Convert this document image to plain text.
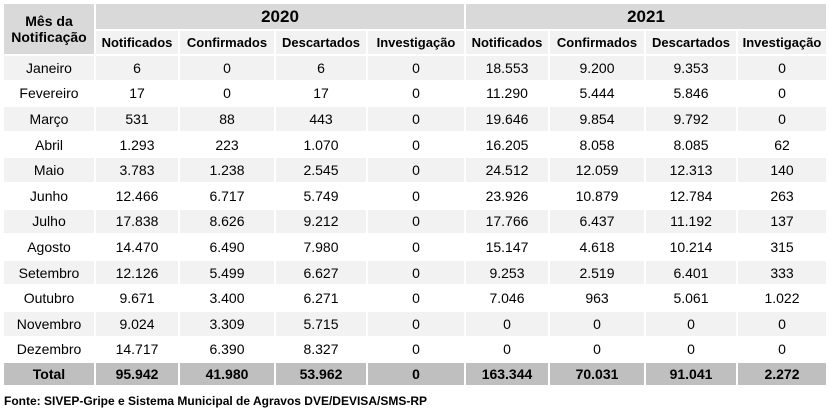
Mês da Notificação	2020				2021			
	Notificados	Confirmados	Descartados	Investigação	Notificados	Confirmados	Descartados	Investigação
Janeiro	6	0	6	0	18.553	9.200	9.353	0
Fevereiro	17	0	17	0	11.290	5.444	5.846	0
Março	531	88	443	0	19.646	9.854	9.792	0
Abril	1.293	223	1.070	0	16.205	8.058	8.085	62
Maio	3.783	1.238	2.545	0	24.512	12.059	12.313	140
Junho	12.466	6.717	5.749	0	23.926	10.879	12.784	263
Julho	17.838	8.626	9.212	0	17.766	6.437	11.192	137
Agosto	14.470	6.490	7.980	0	15.147	4.618	10.214	315
Setembro	12.126	5.499	6.627	0	9.253	2.519	6.401	333
Outubro	9.671	3.400	6.271	0	7.046	963	5.061	1.022
Novembro	9.024	3.309	5.715	0	0	0	0	0
Dezembro	14.717	6.390	8.327	0	0	0	0	0
Total	95.942	41.980	53.962	0	163.344	70.031	91.041	2.272
Fonte: SIVEP-Gripe e Sistema Municipal de Agravos DVE/DEVISA/SMS-RP
